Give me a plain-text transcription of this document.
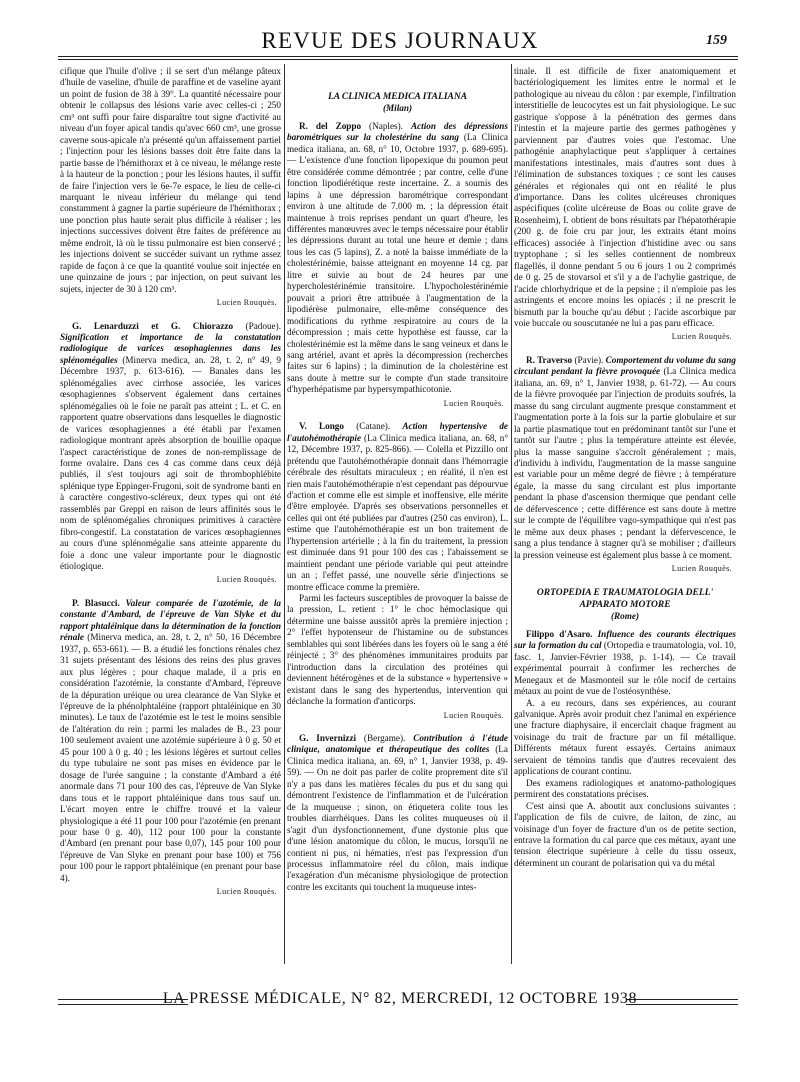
REVUE DES JOURNAUX	159

cifique que l'huile d'olive ; il se sert d'un mélange pâteux d'huile de vaseline, d'huile de paraffine et de vaseline ayant un point de fusion de 38 à 39°. La quantité nécessaire pour obtenir le collapsus des lésions varie avec celles-ci ; 250 cm³ ont suffi pour faire disparaître tout signe d'activité au niveau d'un foyer apical tandis qu'avec 660 cm³, une grosse caverne sous-apicale n'a présenté qu'un affaissement partiel ; l'injection pour les lésions basses doit être faite dans la partie basse de l'hémithorax et à ce niveau, le mélange reste à la hauteur de la ponction ; pour les lésions hautes, il suffit de faire l'injection vers le 6e-7e espace, le lieu de celle-ci marquant le niveau inférieur du mélange qui tend constamment à gagner la partie supérieure de l'hémithorax ; une ponction plus haute serait plus difficile à réaliser ; les injections successives doivent être faites de préférence au même endroit, là où le tissu pulmonaire est bien conservé ; les injections doivent se succéder suivant un rythme assez rapide de façon à ce que la quantité voulue soit injectée en une quinzaine de jours ; par injection, on peut suivant les sujets, injecter de 30 à 120 cm³.

Lucien Rouquès.

G. Lenarduzzi et G. Chiorazzo (Padoue). Signification et importance de la constatation radiologique de varices œsophagiennes dans les splénomégalies (Minerva medica, an. 28, t. 2, n° 49, 9 Décembre 1937, p. 613-616). — Banales dans les splénomégalies avec cirrhose associée, les varices œsophagiennes s'observent également dans certaines splénomégalies où le foie ne paraît pas atteint ; L. et C. en rapportent quatre observations dans lesquelles le diagnostic de varices œsophagiennes a été établi par l'examen radiologique montrant après absorption de bouillie opaque l'aspect caractéristique de zones de non-remplissage de forme ovalaire. Dans ces 4 cas comme dans ceux déjà publiés, il s'est toujours agi soit de thrombophlébite splénique type Eppinger-Frugoni, soit de syndrome banti en à caractère congestivo-scléreux, deux types qui ont été rassemblés par Greppi en raison de leurs affinités sous le nom de splénomégalies chroniques primitives à caractère fibro-congestif. La constatation de varices œsophagiennes au cours d'une splénomégalie sans atteinte apparente du foie a donc une valeur importante pour le diagnostic étiologique.

Lucien Rouquès.

P. Blasucci. Valeur comparée de l'azotémie, de la constante d'Ambard, de l'épreuve de Van Slyke et du rapport phtaléinique dans la détermination de la fonction rénale (Minerva medica, an. 28, t. 2, n° 50, 16 Décembre 1937, p. 653-661). — B. a étudié les fonctions rénales chez 31 sujets présentant des lésions des reins des plus graves aux plus légères ; pour chaque malade, il a pris en considération l'azotémie, la constante d'Ambard, l'épreuve de la dépuration uréique ou urea clearance de Van Slyke et l'épreuve de la phénolphtaléine (rapport phtaléinique en 30 minutes). Le taux de l'azotémie est le test le moins sensible de l'altération du rein ; parmi les malades de B., 23 pour 100 seulement avaient une azotémie supérieure à 0 g. 50 et 45 pour 100 à 0 g. 40 ; les lésions légères et surtout celles du type tubulaire ne sont pas mises en évidence par le dosage de l'urée sanguine ; la constante d'Ambard a été anormale dans 71 pour 100 des cas, l'épreuve de Van Slyke dans tous et le rapport phtaléinique dans tous sauf un. L'écart moyen entre le chiffre trouvé et la valeur physiologique a été 11 pour 100 pour l'azotémie (en prenant pour base 0 g. 40), 112 pour 100 pour la constante d'Ambard (en prenant pour base 0,07), 145 pour 100 pour l'épreuve de Van Slyke en prenant pour base 100) et 756 pour 100 pour le rapport phtaléinique (en prenant pour base 4).

Lucien Rouquès.
LA CLINICA MEDICA ITALIANA
(Milan)

R. del Zoppo (Naples). Action des dépressions barométriques sur la cholestérine du sang (La Clinica medica italiana, an. 68, n° 10, Octobre 1937, p. 689-695). — L'existence d'une fonction lipopexique du poumon peut être considérée comme démontrée ; par contre, celle d'une fonction lipodiérétique reste incertaine. Z. a soumis des lapins à une dépression barométrique correspondant environ à une altitude de 7.000 m. ; la dépression était maintenue à trois reprises pendant un quart d'heure, les différentes manœuvres avec le temps nécessaire pour établir les dépressions durant au total une heure et demie ; dans tous les cas (5 lapins), Z. a noté la baisse immédiate de la cholestérinémie, baisse atteignant en moyenne 14 cg. par litre et suivie au bout de 24 heures par une hypercholestérinémie transitoire. L'hypocholestérinémie pouvait a priori être attribuée à l'augmentation de la lipodiérèse pulmonaire, elle-même conséquence des modifications du rythme respiratoire au cours de la décompression ; mais cette hypothèse est fausse, car la cholestérinémie est la même dans le sang veineux et dans le sang artériel, avant et après la décompression (recherches faites sur 6 lapins) ; la diminution de la cholestérine est sans doute à mettre sur le compte d'un stade transitoire d'hyperhépatisme par hypersympathicotonie.

Lucien Rouquès.

V. Longo (Catane). Action hypertensive de l'autohémothérapie (La Clinica medica italiana, an. 68, n° 12, Décembre 1937, p. 825-866). — Colella et Pizzillo ont prétendu que l'autohémothérapie donnait dans l'hémorragie cérébrale des résultats miraculeux ; en réalité, il n'en est rien mais l'autohémothérapie n'est cependant pas dépourvue d'action et comme elle est simple et inoffensive, elle mérite d'être employée. D'après ses observations personnelles et celles qui ont été publiées par d'autres (250 cas environ), L. estime que l'autohémothérapie est un bon traitement de l'hypertension artérielle ; à la fin du traitement, la pression est diminuée dans 91 pour 100 des cas ; l'abaissement se maintient pendant une période variable qui peut atteindre un an ; l'effet passé, une nouvelle série d'injections se montre efficace comme la première.

Parmi les facteurs susceptibles de provoquer la baisse de la pression, L. retient : 1° le choc hémoclasique qui détermine une baisse aussitôt après la première injection ; 2° l'effet hypotenseur de l'histamine ou de substances semblables qui sont libérées dans les foyers où le sang a été réinjecté ; 3° des phénomènes immunitaires produits par l'introduction dans la circulation des protéines qui deviennent hétérogènes et de la substance « hypertensive » existant dans le sang des hypertendus, intervention qui déclanche la formation d'anticorps.

Lucien Rouquès.

G. Invernizzi (Bergame). Contribution à l'étude clinique, anatomique et thérapeutique des colites (La Clinica medica italiana, an. 69, n° 1, Janvier 1938, p. 49-59). — On ne doit pas parler de colite proprement dite s'il n'y a pas dans les matières fécales du pus et du sang qui démontrent l'existence de l'inflammation et de l'ulcération de la muqueuse ; sinon, on étiquetera colite tous les troubles diarrhéiques. Dans les colites muqueuses où il s'agit d'un dysfonctionnement, d'une dystonie plus que d'une lésion anatomique du côlon, le mucus, lorsqu'il ne contient ni pus, ni hématies, n'est pas l'expression d'un processus inflammatoire réel du côlon, mais indique l'exagération d'un mécanisme physiologique de protection contre les excitants qui touchent la muqueuse intes-

tinale. Il est difficile de fixer anatomiquement et bactériologiquement les limites entre le normal et le pathologique au niveau du côlon : par exemple, l'infiltration interstitielle de leucocytes est un fait physiologique. Le suc gastrique s'oppose à la pénétration des germes dans l'intestin et la majeure partie des germes pathogènes y parviennent par d'autres voies que l'estomac. Une pathogénie anaphylactique peut s'appliquer à certaines manifestations intestinales, mais d'autres sont dues à l'élimination de substances toxiques ; ce sont les causes générales et régionales qui ont en réalité le plus d'importance. Dans les colites ulcéreuses chroniques aspécifiques (colite ulcéreuse de Boas ou colite grave de Rosenheim), I. obtient de bons résultats par l'hépatothérapie (200 g. de foie cru par jour, les extraits étant moins efficaces) associée à l'injection d'histidine avec ou sans tryptophane ; si les selles contiennent de nombreux flagellés, il donne pendant 5 ou 6 jours 1 ou 2 comprimés de 0 g. 25 de stovarsol et s'il y a de l'achylie gastrique, de l'acide chlorhydrique et de la pepsine ; il n'emploie pas les astringents et encore moins les opiacés ; il ne prescrit le bismuth par la bouche qu'au début ; l'acide ascorbique par voie buccale ou souscutanée ne lui a pas paru efficace.

Lucien Rouquès.

R. Traverso (Pavie). Comportement du volume du sang circulant pendant la fièvre provoquée (La Clinica medica italiana, an. 69, n° 1, Janvier 1938, p. 61-72). — Au cours de la fièvre provoquée par l'injection de produits soufrés, la masse du sang circulant augmente presque constamment et l'augmentation porte à la fois sur la partie globulaire et sur la partie plasmatique tout en prédominant tantôt sur l'une et tantôt sur l'autre ; plus la température atteinte est élevée, plus la masse sanguine s'accroît généralement ; mais, d'individu à individu, l'augmentation de la masse sanguine est variable pour un même degré de fièvre ; à température égale, la masse du sang circulant est plus importante pendant la phase d'ascension thermique que pendant celle de défervescence ; cette différence est sans doute à mettre sur le compte de l'équilibre vago-sympathique qui n'est pas le même aux deux phases ; pendant la défervescence, le sang a plus tendance à stagner qu'à se mobiliser ; d'ailleurs la pression veineuse est également plus basse à ce moment.

Lucien Rouquès.
ORTOPEDIA E TRAUMATOLOGIA DELL' APPARATO MOTORE
(Rome)

Filippo d'Asaro. Influence des courants électriques sur la formation du cal (Ortopedia e traumatologia, vol. 10, fasc. 1, Janvier-Février 1938, p. 1-14). — Ce travail expérimental pourrait à confirmer les recherches de Menegaux et de Masmonteil sur le rôle nocif de certains métaux au point de vue de l'ostéosynthèse.

A. a eu recours, dans ses expériences, au courant galvanique. Après avoir produit chez l'animal en expérience une fracture diaphysaire, il encerclait chaque fragment au voisinage du trait de fracture par un fil métallique. Différents métaux furent essayés. Certains animaux servaient de témoins tandis que d'autres recevaient des applications de courant continu.

Des examens radiologiques et anatomo-pathologiques permirent des constatations précises.

C'est ainsi que A. aboutit aux conclusions suivantes : l'application de fils de cuivre, de laiton, de zinc, au voisinage d'un foyer de fracture d'un os de petite section, entrave la formation du cal parce que ces métaux, ayant une tension électrique supérieure à celle du tissu osseux, déterminent un courant de polarisation qui va du métal

LA PRESSE MÉDICALE, N° 82, MERCREDI, 12 OCTOBRE 1938
